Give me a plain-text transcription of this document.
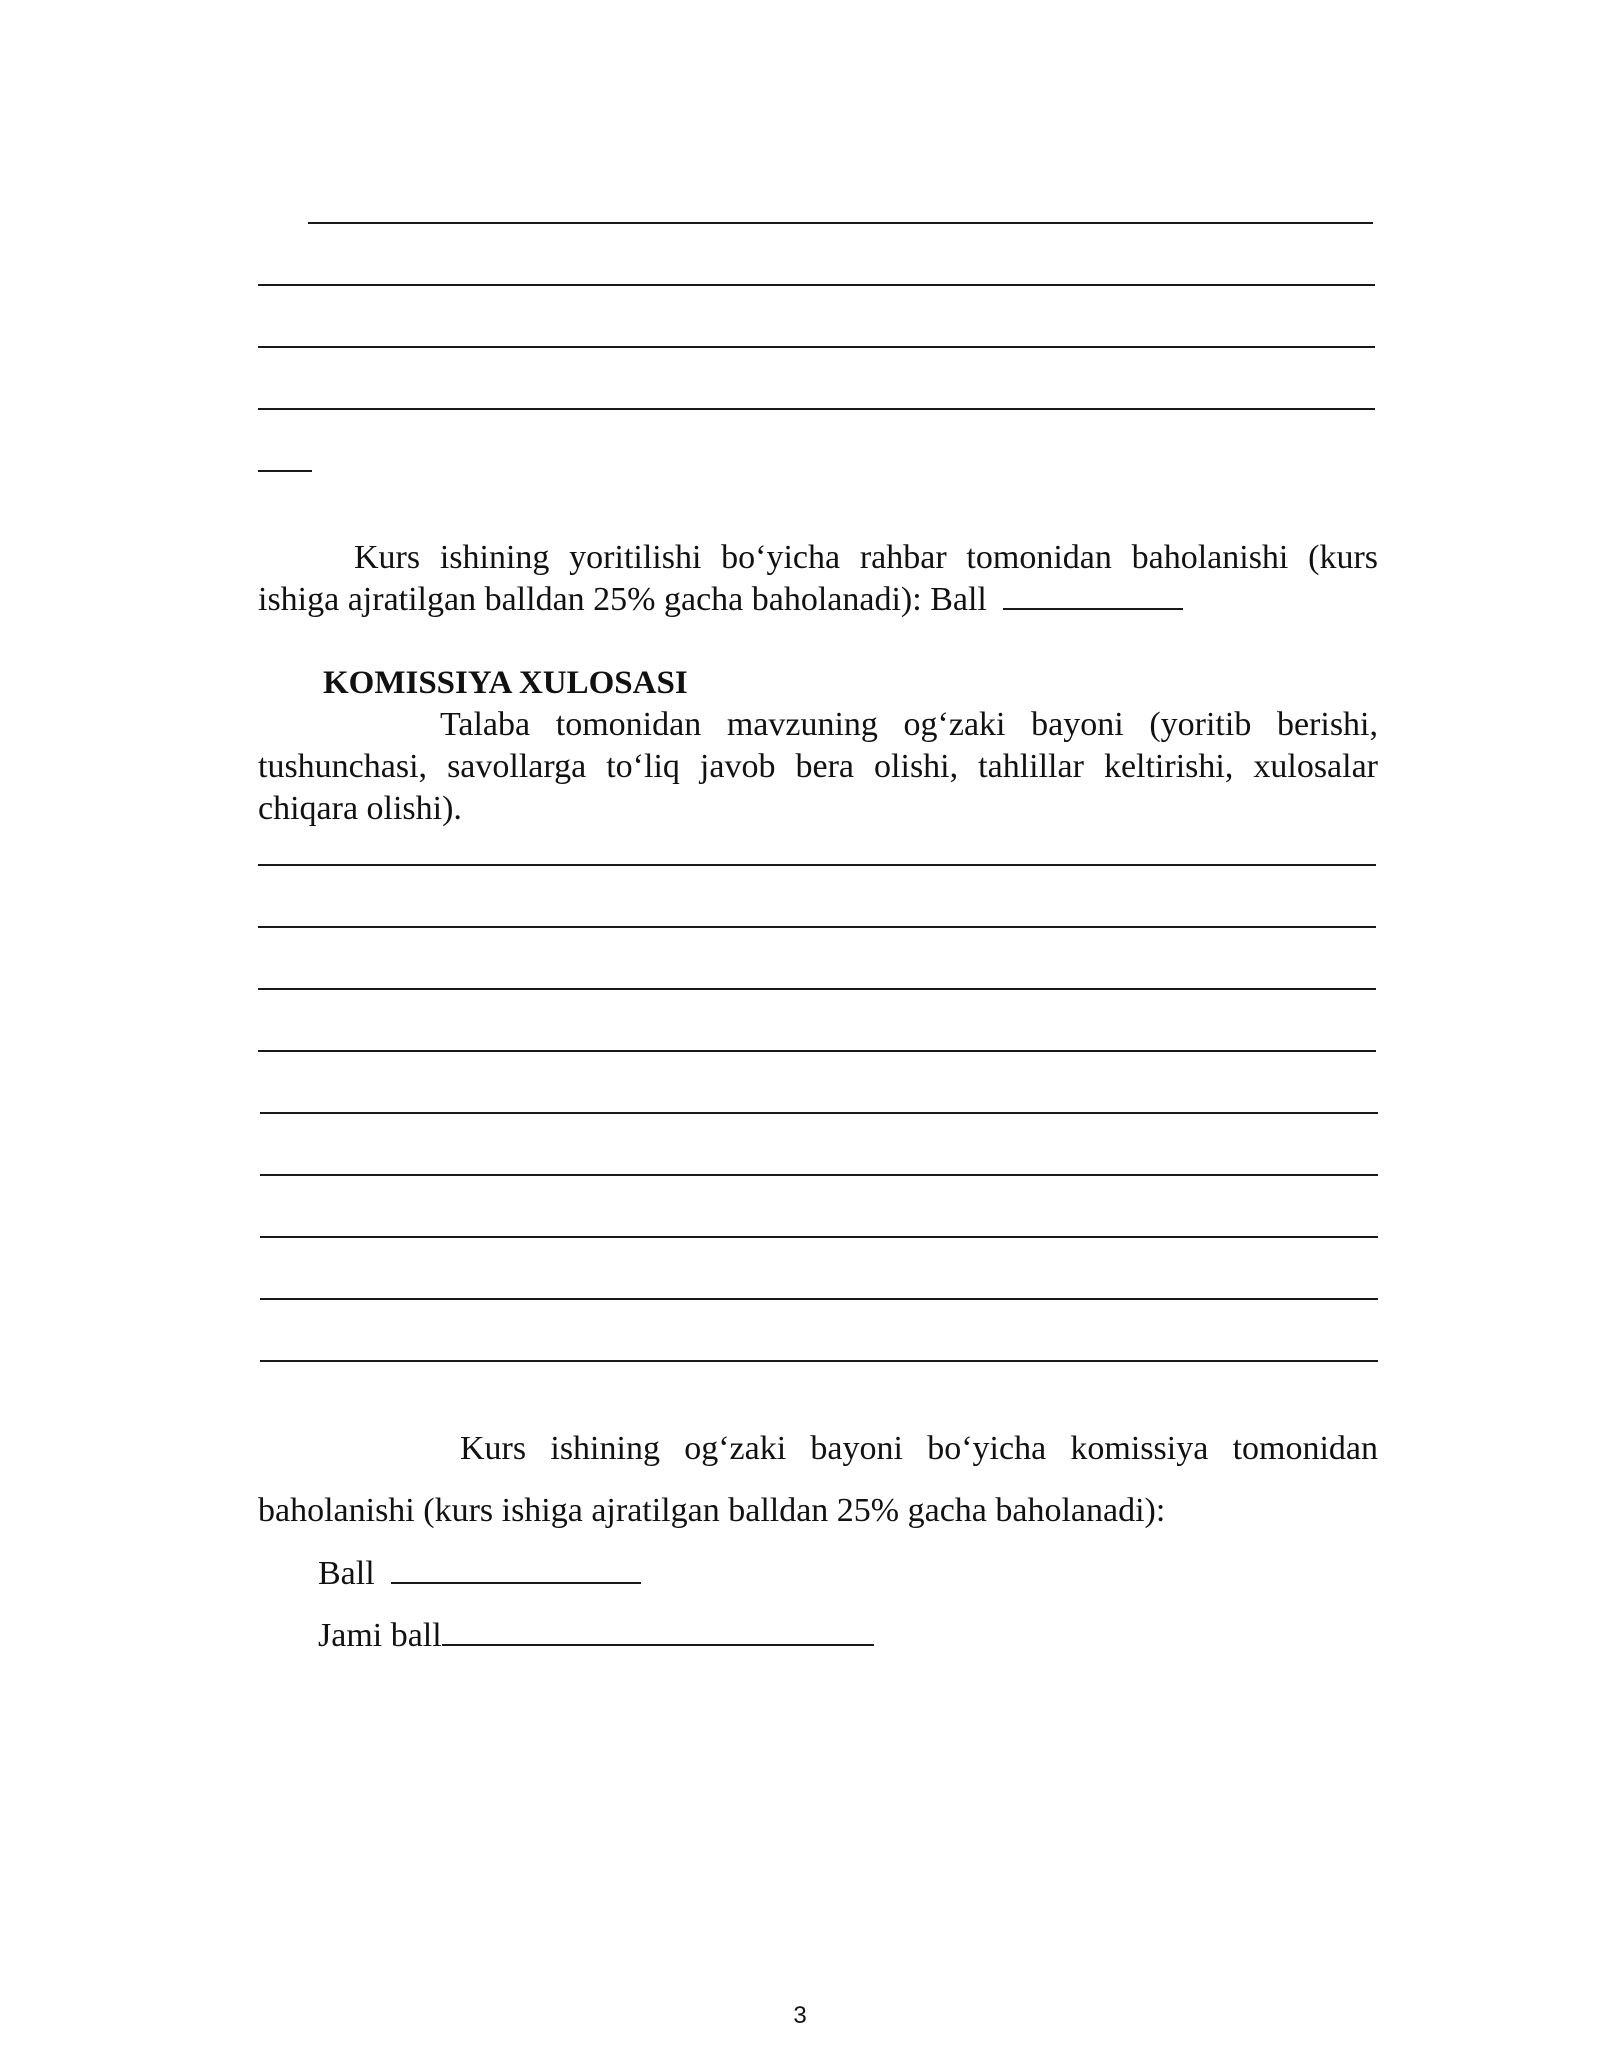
Kurs ishining yoritilishi bo‘yicha rahbar tomonidan baholanishi (kurs
ishiga ajratilgan balldan 25% gacha baholanadi): Ball
KOMISSIYA XULOSASI
Talaba tomonidan mavzuning og‘zaki bayoni (yoritib berishi,
tushunchasi, savollarga to‘liq javob bera olishi, tahlillar keltirishi, xulosalar
chiqara olishi).
Kurs ishining og‘zaki bayoni bo‘yicha komissiya tomonidan
baholanishi (kurs ishiga ajratilgan balldan 25% gacha baholanadi):
Ball
Jami ball
3
